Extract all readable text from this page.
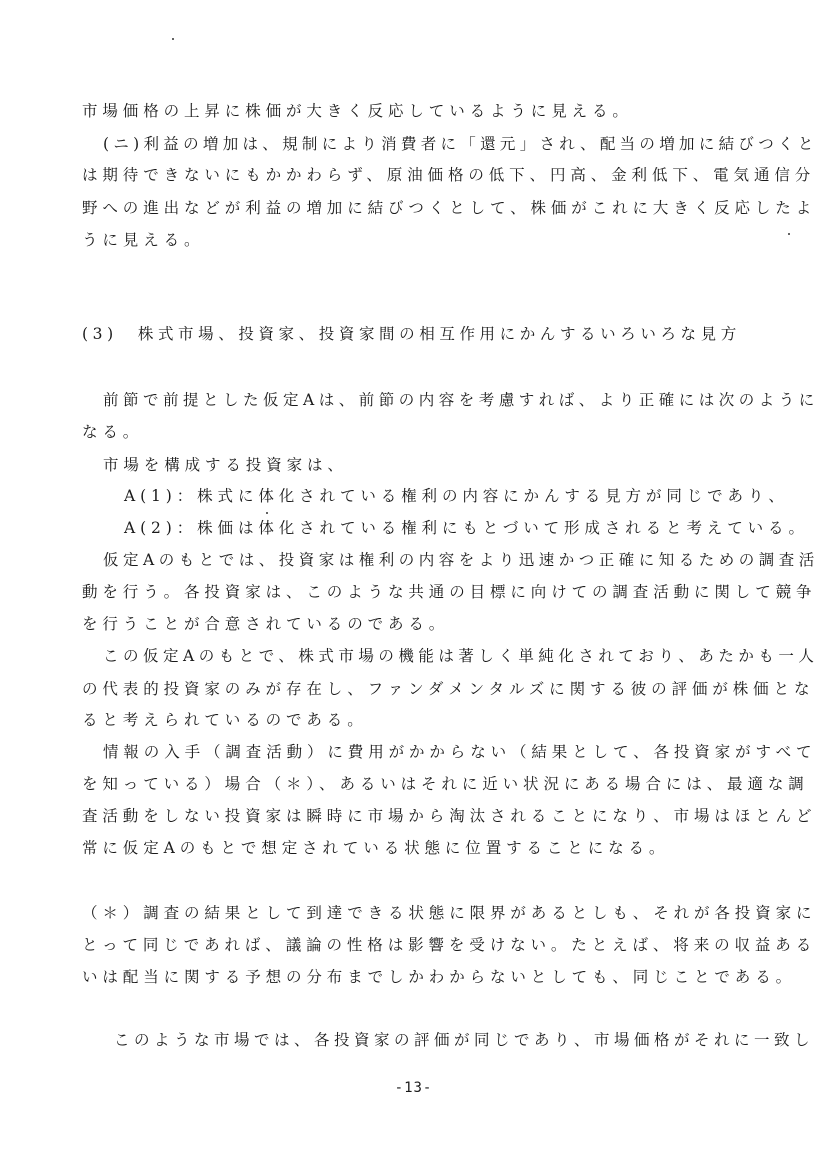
市場価格の上昇に株価が大きく反応しているように見える。
(ニ)利益の増加は、規制により消費者に「還元」され、配当の増加に結びつくと
は期待できないにもかかわらず、原油価格の低下、円高、金利低下、電気通信分
野への進出などが利益の増加に結びつくとして、株価がこれに大きく反応したよ
うに見える。
(3)　株式市場、投資家、投資家間の相互作用にかんするいろいろな見方
前節で前提とした仮定Aは、前節の内容を考慮すれば、より正確には次のように
なる。
市場を構成する投資家は、
A(1)：株式に体化されている権利の内容にかんする見方が同じであり、
A(2)：株価は体化されている権利にもとづいて形成されると考えている。
仮定Aのもとでは、投資家は権利の内容をより迅速かつ正確に知るための調査活
動を行う。各投資家は、このような共通の目標に向けての調査活動に関して競争
を行うことが合意されているのである。
この仮定Aのもとで、株式市場の機能は著しく単純化されており、あたかも一人
の代表的投資家のみが存在し、ファンダメンタルズに関する彼の評価が株価とな
ると考えられているのである。
情報の入手（調査活動）に費用がかからない（結果として、各投資家がすべて
を知っている）場合（＊）、あるいはそれに近い状況にある場合には、最適な調
査活動をしない投資家は瞬時に市場から淘汰されることになり、市場はほとんど
常に仮定Aのもとで想定されている状態に位置することになる。
（＊）調査の結果として到達できる状態に限界があるとしも、それが各投資家に
とって同じであれば、議論の性格は影響を受けない。たとえば、将来の収益ある
いは配当に関する予想の分布までしかわからないとしても、同じことである。
このような市場では、各投資家の評価が同じであり、市場価格がそれに一致し
-13-
